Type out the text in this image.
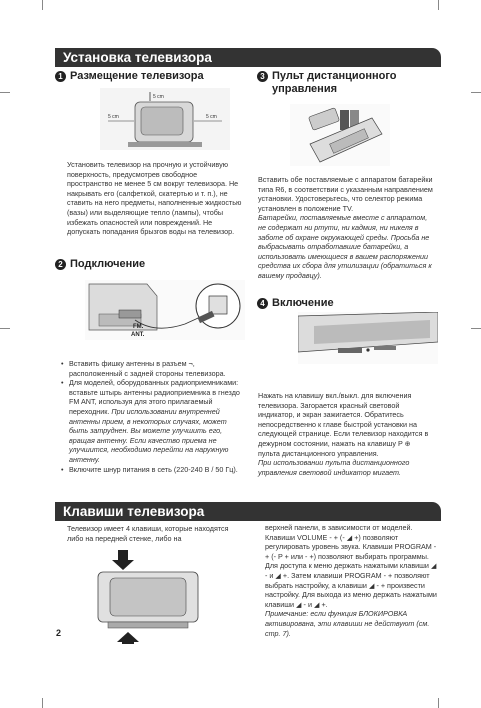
Установка телевизора
1 Размещение телевизора
5 cm
5 cm	5 cm
Установить телевизор на прочную и устойчивую поверхность, предусмотрев свободное пространство не менее 5 см вокруг телевизора. Не накрывать его (салфеткой, скатертью и т. п.), не ставить на него предметы, наполненные жидкостью (вазы) или выделяющие тепло (лампы), чтобы избежать опасностей или повреждений. Не допускать попадания брызгов воды на телевизор.
2 Подключение
FM.
ANT.
• Вставить фишку антенны в разъем ¬, расположенный с задней стороны телевизора.
• Для моделей, оборудованных радиоприемниками: вставьте штырь антенны радиоприемника в гнездо FM ANT, используя для этого прилагаемый переходник. При использовании внутренней антенны прием, в некоторых случаях, может быть затруднен. Вы можете улучшить его, вращая антенну. Если качество приема не улучшится, необходимо перейти на наружную антенну.
• Включите шнур питания в сеть (220-240 В / 50 Гц).
3 Пульт дистанционного управления

Вставить обе поставляемые с аппаратом батарейки типа R6, в соответствии с указанным направлением установки. Удостоверьтесь, что селектор режима установлен в положение TV.

Батарейки, поставляемые вместе с аппаратом, не содержат ни ртути, ни кадмия, ни никеля в заботе об охране окружающей среды. Просьба не выбрасывать отработавшие батарейки, а использовать имеющиеся в вашем распоряжении средства их сбора для утилизации (обратиться к вашему продавцу).

4 Включение

Нажать на клавишу вкл./выкл. для включения телевизора. Загорается красный световой индикатор, и экран зажигается. Обратитесь непосредственно к главе быстрой установки на следующей странице. Если телевизор находится в дежурном состоянии, нажать на клавишу P ⊕ пульта дистанционного управления.

При использовании пульта дистанционного управления световой индикатор мигает.

Клавиши телевизора
Телевизор имеет 4 клавиши, которые находятся либо на передней стенке, либо на

верхней панели, в зависимости от моделей. Клавиши VOLUME - + (- ◢ +) позволяют регулировать уровень звука. Клавиши PROGRAM - + (- P + или - +) позволяют выбирать программы. Для доступа к меню держать нажатыми клавиши ◢ - и ◢ +. Затем клавиши PROGRAM - + позволяют выбрать настройку, а клавиши ◢ - + произвести настройку. Для выхода из меню держать нажатыми клавиши ◢ - и ◢ +.

Примечание: если функция БЛОКИРОВКА активирована, эти клавиши не действуют (см. стр. 7).

2
